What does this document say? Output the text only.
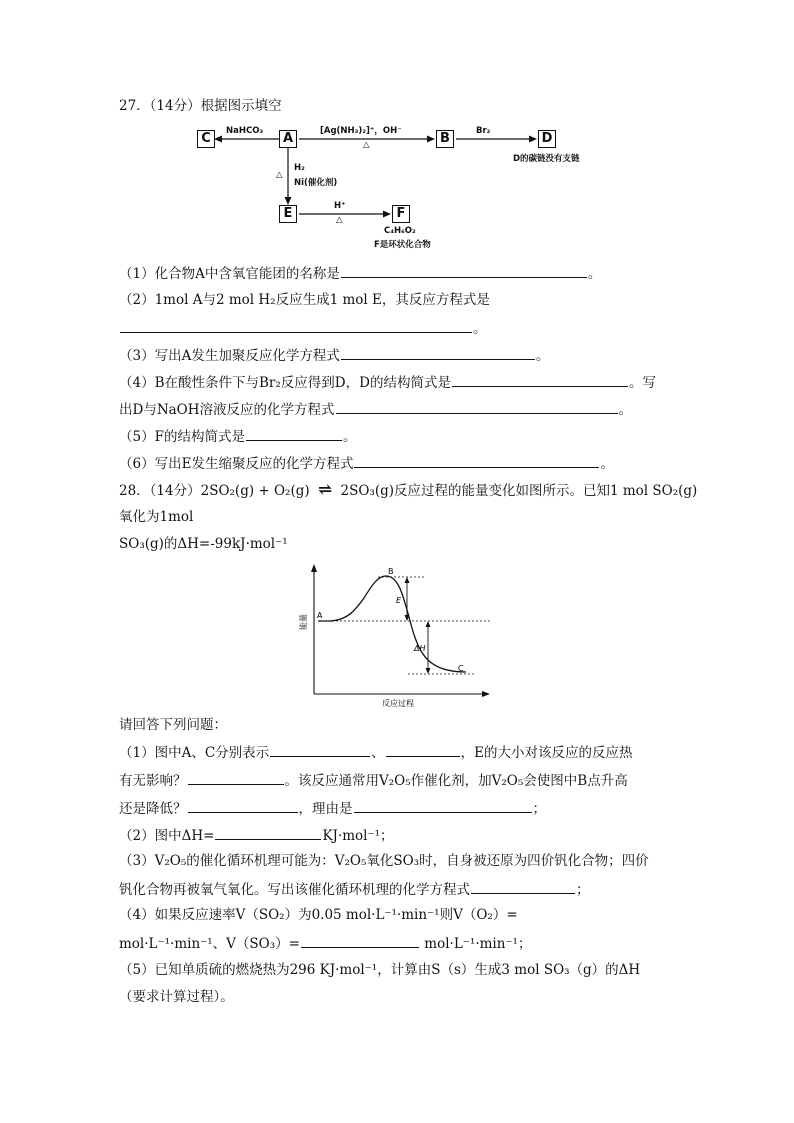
27．（14分）根据图示填空
C	A	B	D
E	F
NaHCO₃	[Ag(NH₃)₂]⁺，OH⁻
△
Br₂
D的碳链没有支链
△
H₂
Ni(催化剂)
H⁺
△
C₄H₆O₂
F是环状化合物
（1）化合物A中含氧官能团的名称是	。
（2）1mol A与2 mol H₂反应生成1 mol E，其反应方程式是
。
（3）写出A发生加聚反应化学方程式	。
（4）B在酸性条件下与Br₂反应得到D，D的结构简式是	。写
出D与NaOH溶液反应的化学方程式	。
（5）F的结构简式是	。
（6）写出E发生缩聚反应的化学方程式	。
28．（14分）2SO₂(g) + O₂(g) ⇌ 2SO₃(g)反应过程的能量变化如图所示。已知1 mol SO₂(g)
氧化为1mol
SO₃(g)的ΔH=-99kJ·mol⁻¹
能量
反应过程
A
B
C
E
ΔH
请回答下列问题：
（1）图中A、C分别表示	、	，E的大小对该反应的反应热
有无影响？	。该反应通常用V₂O₅作催化剂，加V₂O₅会使图中B点升高
还是降低？	，理由是	；
（2）图中ΔH=	KJ·mol⁻¹；
（3）V₂O₅的催化循环机理可能为：V₂O₅氧化SO₃时，自身被还原为四价钒化合物；四价
钒化合物再被氧气氧化。写出该催化循环机理的化学方程式	；
（4）如果反应速率V（SO₂）为0.05 mol·L⁻¹·min⁻¹则V（O₂）=
mol·L⁻¹·min⁻¹、V（SO₃）=	mol·L⁻¹·min⁻¹；
（5）已知单质硫的燃烧热为296 KJ·mol⁻¹，计算由S（s）生成3 mol SO₃（g）的ΔH
（要求计算过程）。
